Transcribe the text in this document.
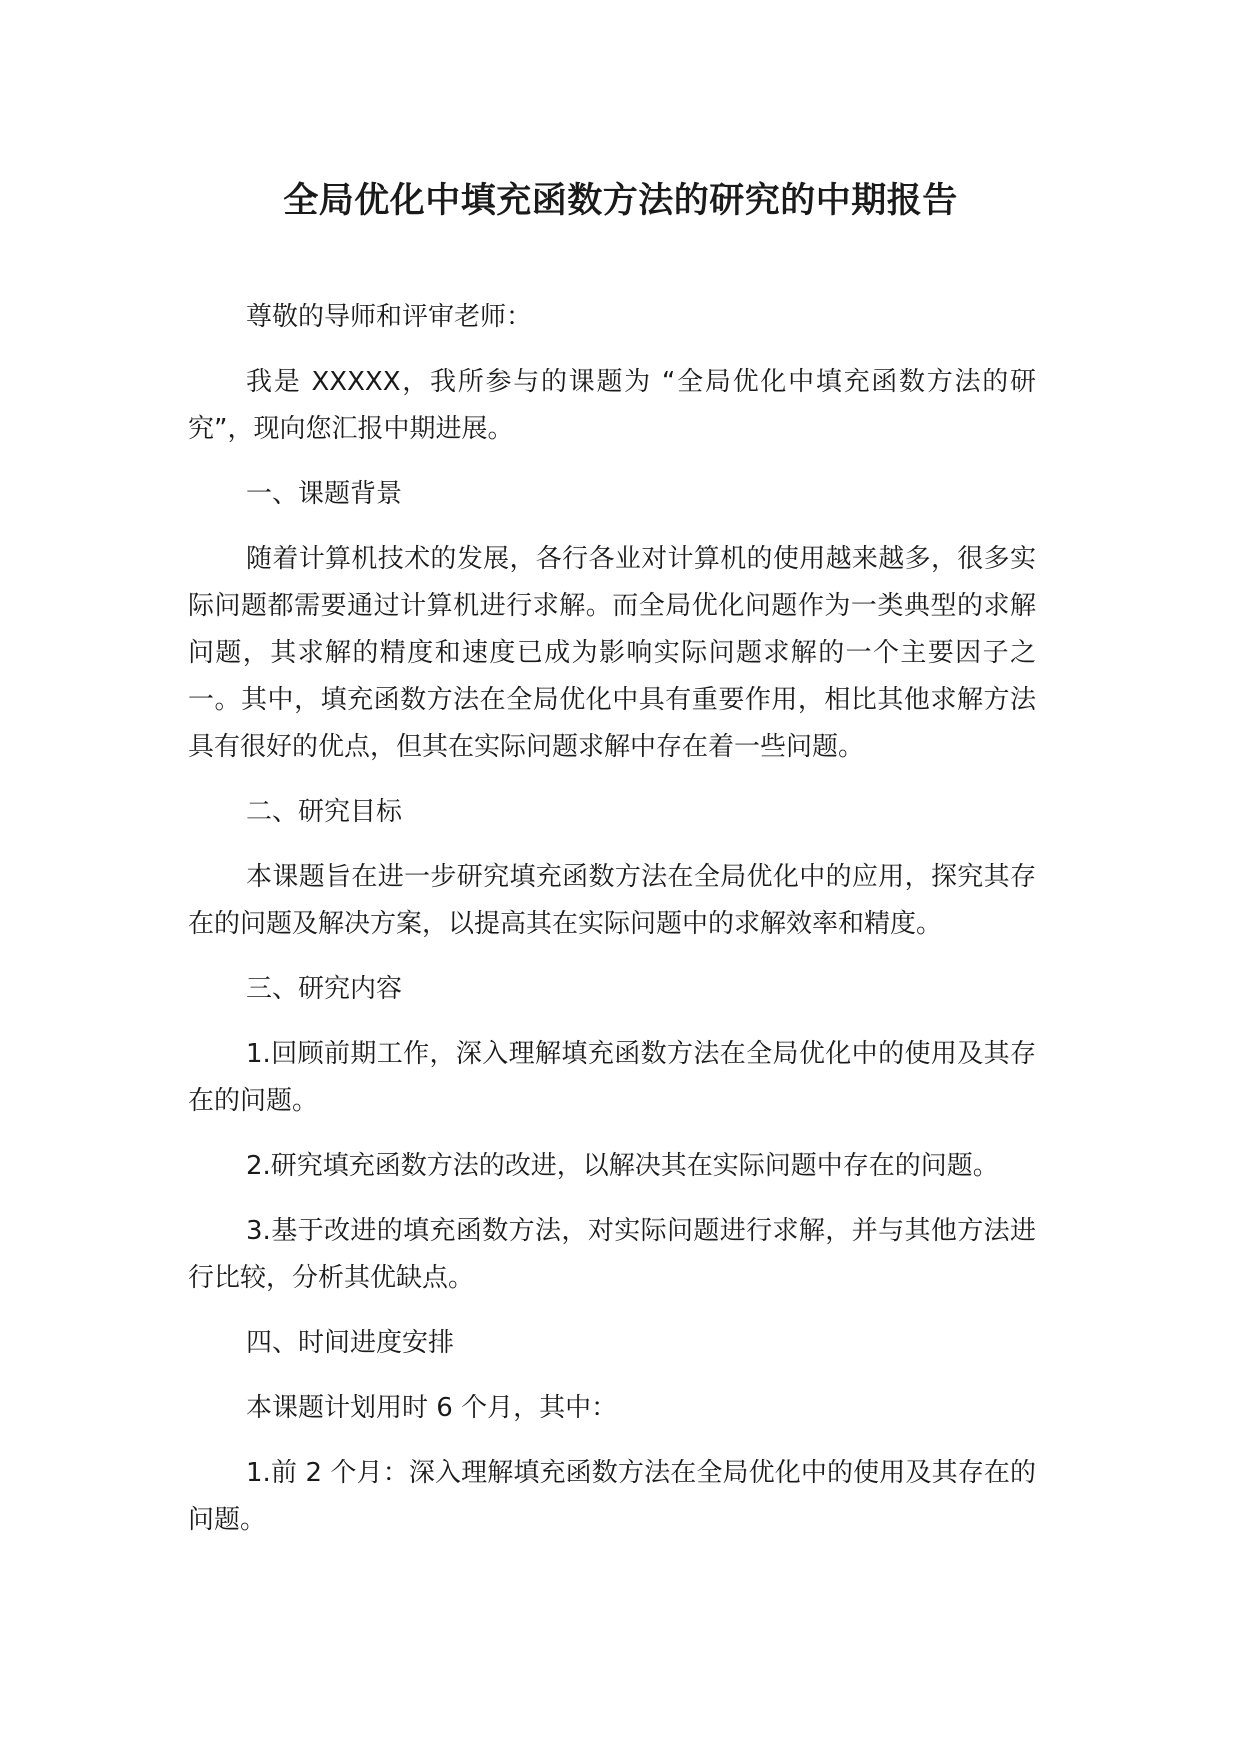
全局优化中填充函数方法的研究的中期报告

尊敬的导师和评审老师：

我是 XXXXX，我所参与的课题为 “全局优化中填充函数方法的研究”，现向您汇报中期进展。

一、课题背景

随着计算机技术的发展，各行各业对计算机的使用越来越多，很多实际问题都需要通过计算机进行求解。而全局优化问题作为一类典型的求解问题，其求解的精度和速度已成为影响实际问题求解的一个主要因子之一。其中，填充函数方法在全局优化中具有重要作用，相比其他求解方法具有很好的优点，但其在实际问题求解中存在着一些问题。

二、研究目标

本课题旨在进一步研究填充函数方法在全局优化中的应用，探究其存在的问题及解决方案，以提高其在实际问题中的求解效率和精度。

三、研究内容

1.回顾前期工作，深入理解填充函数方法在全局优化中的使用及其存在的问题。

2.研究填充函数方法的改进，以解决其在实际问题中存在的问题。

3.基于改进的填充函数方法，对实际问题进行求解，并与其他方法进行比较，分析其优缺点。

四、时间进度安排

本课题计划用时 6 个月，其中：

1.前 2 个月：深入理解填充函数方法在全局优化中的使用及其存在的问题。
